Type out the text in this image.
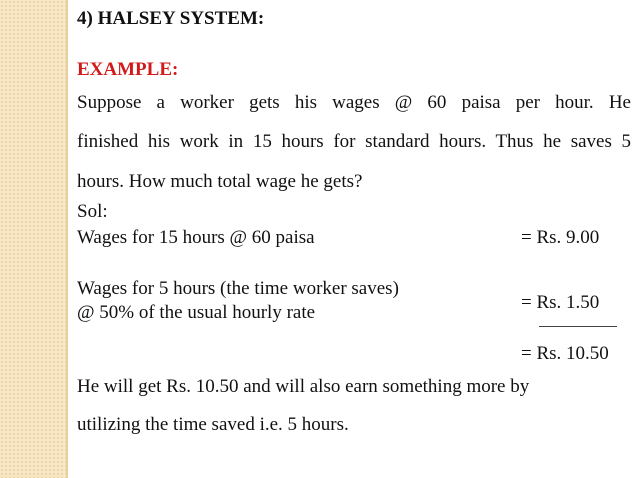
4) HALSEY SYSTEM:
EXAMPLE:
Suppose a worker gets his wages @ 60 paisa per hour. He
finished his work in 15 hours for standard hours. Thus he saves 5
hours. How much total wage he gets?
Sol:
Wages for 15 hours @ 60 paisa	= Rs. 9.00
Wages for 5 hours (the time worker saves)
@ 50% of the usual hourly rate	= Rs. 1.50
= Rs. 10.50
He will get Rs. 10.50 and will also earn something more by
utilizing the time saved i.e. 5 hours.
